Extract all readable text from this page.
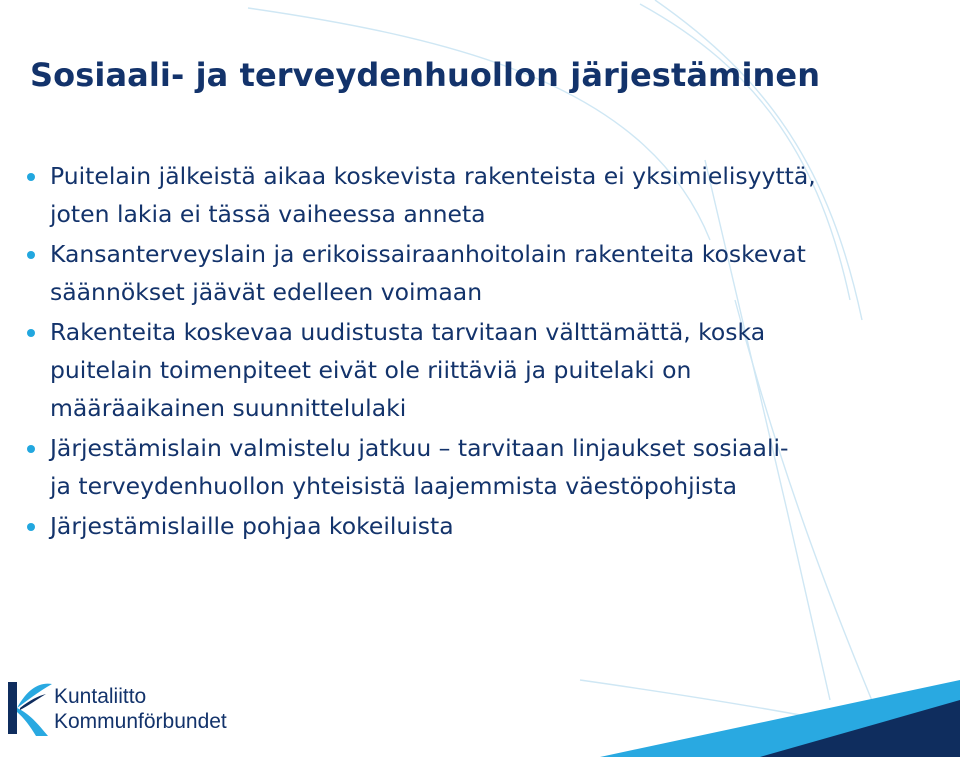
Sosiaali- ja terveydenhuollon järjestäminen
Puitelain jälkeistä aikaa koskevista rakenteista ei yksimielisyyttä,
joten lakia ei tässä vaiheessa anneta
Kansanterveyslain ja erikoissairaanhoitolain rakenteita koskevat
säännökset jäävät edelleen voimaan
Rakenteita koskevaa uudistusta tarvitaan välttämättä, koska
puitelain toimenpiteet eivät ole riittäviä ja puitelaki on
määräaikainen suunnittelulaki
Järjestämislain valmistelu jatkuu – tarvitaan linjaukset sosiaali-
ja terveydenhuollon yhteisistä laajemmista väestöpohjista
Järjestämislaille pohjaa kokeiluista
Kuntaliitto
Kommunförbundet
